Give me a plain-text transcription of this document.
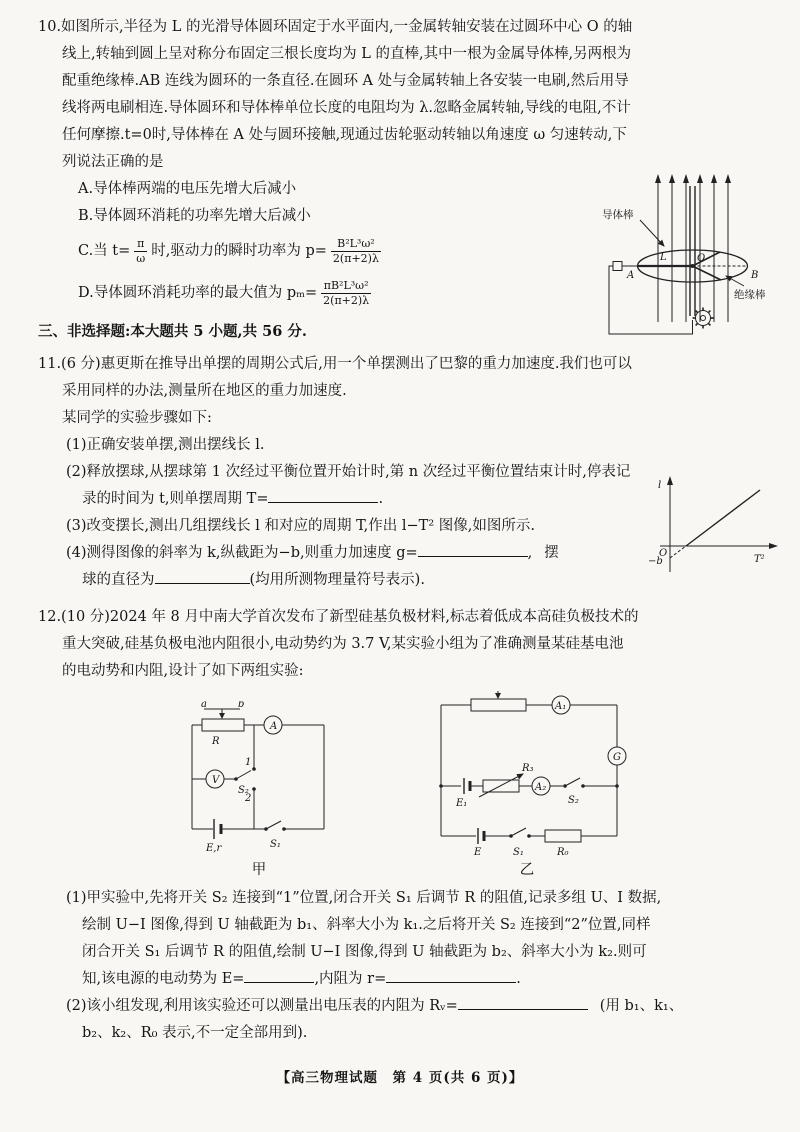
10.如图所示,半径为 L 的光滑导体圆环固定于水平面内,一金属转轴安装在过圆环中心 O 的轴
线上,转轴到圆上呈对称分布固定三根长度均为 L 的直棒,其中一根为金属导体棒,另两根为
配重绝缘棒.AB 连线为圆环的一条直径.在圆环 A 处与金属转轴上各安装一电刷,然后用导
线将两电刷相连.导体圆环和导体棒单位长度的电阻均为 λ.忽略金属转轴,导线的电阻,不计
任何摩擦.t=0时,导体棒在 A 处与圆环接触,现通过齿轮驱动转轴以角速度 ω 匀速转动,下
列说法正确的是
A.导体棒两端的电压先增大后减小
B.导体圆环消耗的功率先增大后减小
C.当 $t= \frac{\pi}{\omega}$ 时,驱动力的瞬时功率为 $p= \frac{\text{B²L³ω²}}{2(\pi+2)\lambda}$
D.导体圆环消耗功率的最大值为 $p_m= \frac{\text{πB²L³ω²}}{2(\pi+2)\lambda}$
导体棒
绝缘棒
A
O
B
L
三、非选择题:本大题共 5 小题,共 56 分.
11.(6 分)惠更斯在推导出单摆的周期公式后,用一个单摆测出了巴黎的重力加速度.我们也可以
采用同样的办法,测量所在地区的重力加速度.
某同学的实验步骤如下:
(1)正确安装单摆,测出摆线长 l.
(2)释放摆球,从摆球第 1 次经过平衡位置开始计时,第 n 次经过平衡位置结束计时,停表记
录的时间为 t,则单摆周期 T=	.
(3)改变摆长,测出几组摆线长 l 和对应的周期 T,作出 l−T² 图像,如图所示.
(4)测得图像的斜率为 k,纵截距为−b,则重力加速度 g=	, 摆
球的直径为	(均用所测物理量符号表示).
l
T²
O
−b
12.(10 分)2024 年 8 月中南大学首次发布了新型硅基负极材料,标志着低成本高硅负极技术的
重大突破,硅基负极电池内阻很小,电动势约为 3.7 V,某实验小组为了准确测量某硅基电池
的电动势和内阻,设计了如下两组实验:
a	b
R
A
V
1
2
S₂
E,r	S₁
甲
A₁
R₃
A₂
S₂
G
E₁
E	S₁	R₀
乙
(1)甲实验中,先将开关 S₂ 连接到“1”位置,闭合开关 S₁ 后调节 R 的阻值,记录多组 U、I 数据,
绘制 U−I 图像,得到 U 轴截距为 b₁、斜率大小为 k₁.之后将开关 S₂ 连接到“2”位置,同样
闭合开关 S₁ 后调节 R 的阻值,绘制 U−I 图像,得到 U 轴截距为 b₂、斜率大小为 k₂.则可
知,该电源的电动势为 E=	,内阻为 r=	.
(2)该小组发现,利用该实验还可以测量出电压表的内阻为 Rᵥ=	(用 b₁、k₁、
b₂、k₂、R₀ 表示,不一定全部用到).
【高三物理试题　第 4 页(共 6 页)】
